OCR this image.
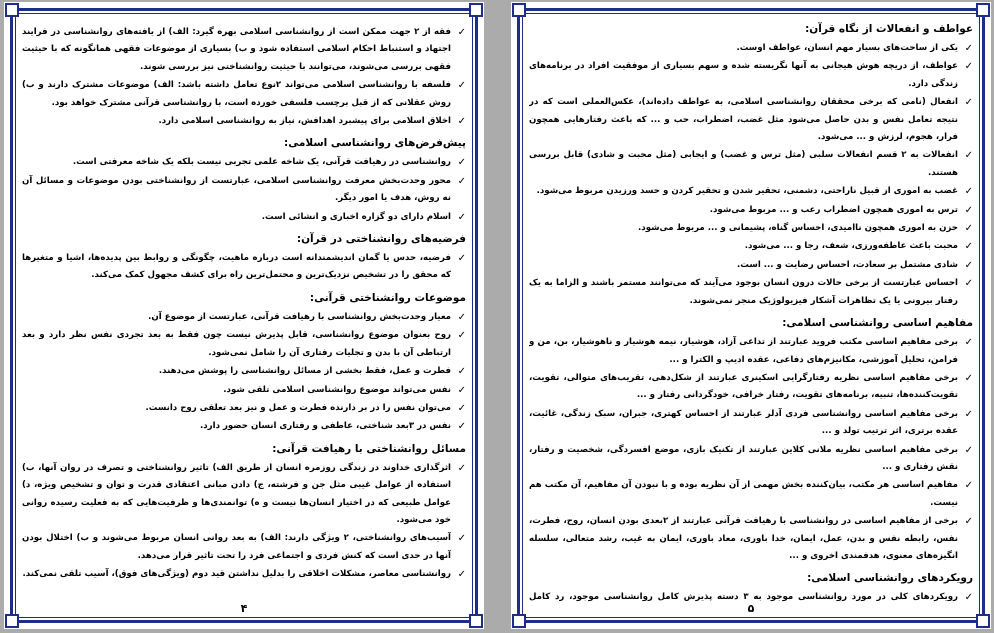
✓
فقه از ۲ جهت ممکن است از روانشناسی اسلامی بهره گیرد: الف) از یافته‌های روانشناسی در فرایند اجتهاد و استنباط احکام اسلامی استفاده شود و ب) بسیاری از موضوعات فقهی همانگونه که با حیثیت فقهی بررسی می‌شوند، می‌توانند با حیثیت روانشناختی نیز بررسی شوند.
✓
فلسفه با روانشناسی اسلامی می‌تواند ۲نوع تعامل داشته باشد: الف) موضوعات مشترک دارند و ب) روش عقلانی که از قبل برچسب فلسفی خورده است، با روانشناسی قرآنی مشترک خواهد بود.
✓
اخلاق اسلامی برای پیشبرد اهدافش، نیاز به روانشناسی اسلامی دارد.
پیش‌فرض‌های روانشناسی اسلامی:
✓
روانشناسی در رهیافت قرآنی، یک شاخه علمی تجربی نیست بلکه یک شاخه معرفتی است.
✓
محور وحدت‌بخش معرفت روانشناسی اسلامی، عبارتست از روانشناختی بودن موضوعات و مسائل آن نه روش، هدف یا امور دیگر.
✓
اسلام دارای دو گزاره اخباری و انشائی است.
فرضیه‌های روانشناختی در قرآن:
✓
فرضیه، حدس یا گمان اندیشمندانه است درباره ماهیت، چگونگی و روابط بین پدیده‌ها، اشیا و متغیرها که محقق را در تشخیص نزدیک‌ترین و محتمل‌ترین راه برای کشف مجهول کمک می‌کند.
موضوعات روانشناختی قرآنی:
✓
معیار وحدت‌بخش روانشناسی با رهیافت قرآنی، عبارتست از موضوع آن.
✓
روح بعنوان موضوع روانشناسی، قابل پذیرش نیست چون فقط به بعد تجردی نفس نظر دارد و بعد ارتباطی آن با بدن و تجلیات رفتاری آن را شامل نمی‌شود.
✓
فطرت و عمل، فقط بخشی از مسائل روانشناسی را پوشش می‌دهند.
✓
نفس می‌تواند موضوع روانشناسی اسلامی تلقی شود.
✓
می‌توان نفس را در بر دارنده فطرت و عمل و نیز بعد تعلقی روح دانست.
✓
نفس در ۳بعد شناختی، عاطفی و رفتاری انسان حضور دارد.
مسائل روانشناختی با رهیافت قرآنی:
✓
اثرگذاری خداوند در زندگی روزمره انسان از طریق الف) تاثیر روانشناختی و تصرف در روان آنها، ب) استفاده از عوامل غیبی مثل جن و فرشته، ج) دادن مبانی اعتقادی قدرت و توان و تشخیص ویژه، د) عوامل طبیعی که در اختیار انسان‌ها نیست و ه) توانمندی‌ها و ظرفیت‌هایی که به فعلیت رسیده روانی خود می‌شود.
✓
آسیب‌های روانشناختی، ۲ ویژگی دارند: الف) به بعد روانی انسان مربوط می‌شوند و ب) اختلال بودن آنها در حدی است که کنش فردی و اجتماعی فرد را تحت تاثیر قرار می‌دهد.
✓
روانشناسی معاصر، مشکلات اخلاقی را بدلیل نداشتن قید دوم (ویژگی‌های فوق)، آسیب تلقی نمی‌کند.
۴
عواطف و انفعالات از نگاه قرآن:
✓
یکی از ساحت‌های بسیار مهم انسان، عواطف اوست.
✓
عواطف، از دریچه هوش هیجانی به آنها نگریسته شده و سهم بسیاری از موفقیت افراد در برنامه‌های زندگی دارد.
✓
انفعال (نامی که برخی محققان روانشناسی اسلامی، به عواطف داده‌اند)، عکس‌العملی است که در نتیجه تعامل نفس و بدن حاصل می‌شود مثل غضب، اضطراب، حب و ... که باعث رفتارهایی همچون فرار، هجوم، لرزش و ... می‌شود.
✓
انفعالات به ۲ قسم انفعالات سلبی (مثل ترس و غضب) و ایجابی (مثل محبت و شادی) قابل بررسی هستند.
✓
غضب به اموری از قبیل ناراحتی، دشمنی، تحقیر شدن و تحقیر کردن و حسد ورزیدن مربوط می‌شود.
✓
ترس به اموری همچون اضطراب رعب و ... مربوط می‌شود.
✓
حزن به اموری همچون ناامیدی، احساس گناه، پشیمانی و ... مربوط می‌شود.
✓
محبت باعث عاطفه‌ورزی، شعف، رجا و ... می‌شود.
✓
شادی مشتمل بر سعادت، احساس رضایت و ... است.
✓
احساس عبارتست از برخی حالات درون انسان بوجود می‌آیند که می‌توانند مستمر باشند و الزاما به یک رفتار بیرونی یا یک تظاهرات آشکار فیزیولوژیک منجر نمی‌شوند.
مفاهیم اساسی روانشناسی اسلامی:
✓
برخی مفاهیم اساسی مکتب فروید عبارتند از تداعی آزاد، هوشیار، نیمه هوشیار و ناهوشیار، بن، من و فرامن، تحلیل آموزشی، مکانیزم‌های دفاعی، عقده ادیپ و الکترا و ...
✓
برخی مفاهیم اساسی نظریه رفتارگرایی اسکینری عبارتند از شکل‌دهی، تقریب‌های متوالی، تقویت، تقویت‌کننده‌ها، تنبیه، برنامه‌های تقویت، رفتار خرافی، خودگردانی رفتار و ...
✓
برخی مفاهیم اساسی روانشناسی فردی آدلر عبارتند از احساس کهتری، جبران، سبک زندگی، غائیت، عقده برتری، اثر ترتیب تولد و ...
✓
برخی مفاهیم اساسی نظریه ملانی کلاین عبارتند از تکنیک بازی، موضع افسردگی، شخصیت و رفتار، نقش رفتاری و ...
✓
مفاهیم اساسی هر مکتب، بیان‌کننده بخش مهمی از آن نظریه بوده و با نبودن آن مفاهیم، آن مکتب هم نیست.
✓
برخی از مفاهیم اساسی در روانشناسی با رهیافت قرآنی عبارتند از ۲بعدی بودن انسان، روح، فطرت، نفس، رابطه نفس و بدن، عمل، ایمان، خدا باوری، معاد باوری، ایمان به غیب، رشد متعالی، سلسله انگیزه‌های معنوی، هدفمندی اخروی و ...
رویکردهای روانشناسی اسلامی:
✓
رویکردهای کلی در مورد روانشناسی موجود به ۳ دسته پذیرش کامل روانشناسی موجود، رد کامل
۵
